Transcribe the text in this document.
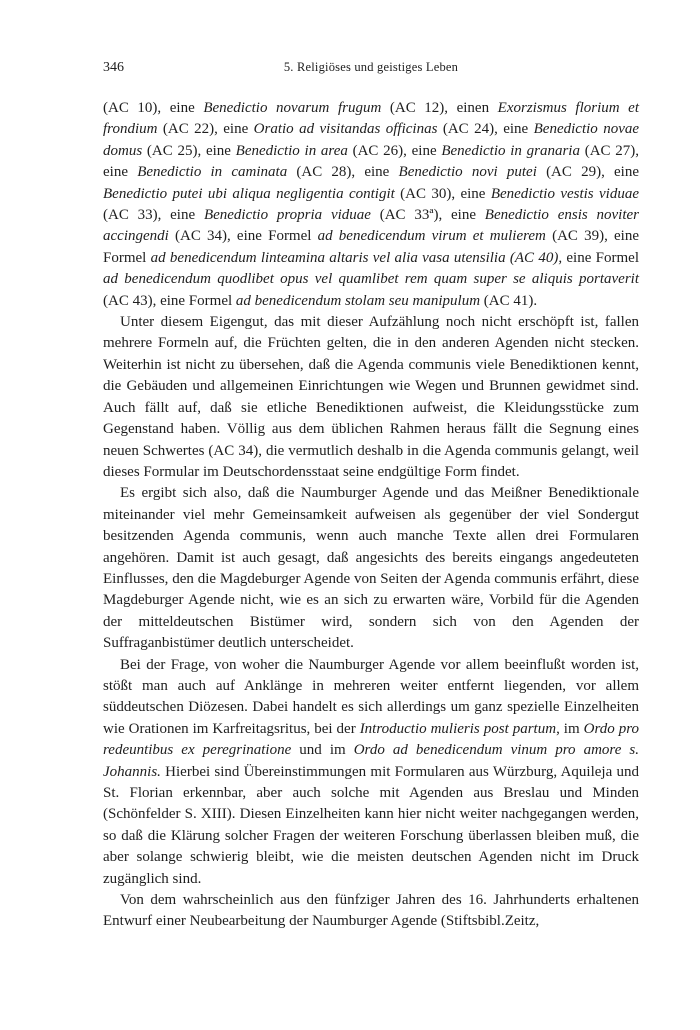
346	5. Religiöses und geistiges Leben

(AC 10), eine Benedictio novarum frugum (AC 12), einen Exorzismus florium et frondium (AC 22), eine Oratio ad visitandas officinas (AC 24), eine Benedictio novae domus (AC 25), eine Benedictio in area (AC 26), eine Benedictio in granaria (AC 27), eine Benedictio in caminata (AC 28), eine Benedictio novi putei (AC 29), eine Benedictio putei ubi aliqua negligentia contigit (AC 30), eine Benedictio vestis viduae (AC 33), eine Benedictio propria viduae (AC 33ª), eine Benedictio ensis noviter accingendi (AC 34), eine Formel ad benedicendum virum et mulierem (AC 39), eine Formel ad benedicendum linteamina altaris vel alia vasa utensilia (AC 40), eine Formel ad benedicendum quodlibet opus vel quamlibet rem quam super se aliquis portaverit (AC 43), eine Formel ad benedicendum stolam seu manipulum (AC 41).

Unter diesem Eigengut, das mit dieser Aufzählung noch nicht erschöpft ist, fallen mehrere Formeln auf, die Früchten gelten, die in den anderen Agenden nicht stecken. Weiterhin ist nicht zu übersehen, daß die Agenda communis viele Benediktionen kennt, die Gebäuden und allgemeinen Einrichtungen wie Wegen und Brunnen gewidmet sind. Auch fällt auf, daß sie etliche Benediktionen aufweist, die Kleidungsstücke zum Gegenstand haben. Völlig aus dem üblichen Rahmen heraus fällt die Segnung eines neuen Schwertes (AC 34), die vermutlich deshalb in die Agenda communis gelangt, weil dieses Formular im Deutschordensstaat seine endgültige Form findet.

Es ergibt sich also, daß die Naumburger Agende und das Meißner Benediktionale miteinander viel mehr Gemeinsamkeit aufweisen als gegenüber der viel Sondergut besitzenden Agenda communis, wenn auch manche Texte allen drei Formularen angehören. Damit ist auch gesagt, daß angesichts des bereits eingangs angedeuteten Einflusses, den die Magdeburger Agende von Seiten der Agenda communis erfährt, diese Magdeburger Agende nicht, wie es an sich zu erwarten wäre, Vorbild für die Agenden der mitteldeutschen Bistümer wird, sondern sich von den Agenden der Suffraganbistümer deutlich unterscheidet.

Bei der Frage, von woher die Naumburger Agende vor allem beeinflußt worden ist, stößt man auch auf Anklänge in mehreren weiter entfernt liegenden, vor allem süddeutschen Diözesen. Dabei handelt es sich allerdings um ganz spezielle Einzelheiten wie Orationen im Karfreitagsritus, bei der Introductio mulieris post partum, im Ordo pro redeuntibus ex peregrinatione und im Ordo ad benedicendum vinum pro amore s. Johannis. Hierbei sind Übereinstimmungen mit Formularen aus Würzburg, Aquileja und St. Florian erkennbar, aber auch solche mit Agenden aus Breslau und Minden (Schönfelder S. XIII). Diesen Einzelheiten kann hier nicht weiter nachgegangen werden, so daß die Klärung solcher Fragen der weiteren Forschung überlassen bleiben muß, die aber solange schwierig bleibt, wie die meisten deutschen Agenden nicht im Druck zugänglich sind.

Von dem wahrscheinlich aus den fünfziger Jahren des 16. Jahrhunderts erhaltenen Entwurf einer Neubearbeitung der Naumburger Agende (Stiftsbibl.Zeitz,
